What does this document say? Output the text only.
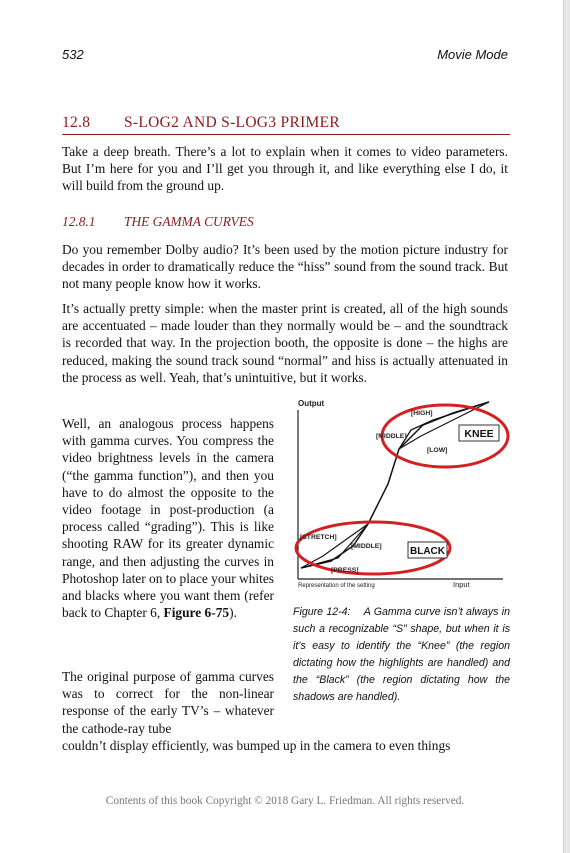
532	Movie Mode
12.8 S-LOG2 AND S-LOG3 PRIMER

Take a deep breath. There’s a lot to explain when it comes to video parameters. But I’m here for you and I’ll get you through it, and like everything else I do, it will build from the ground up.

12.8.1 THE GAMMA CURVES

Do you remember Dolby audio? It’s been used by the motion picture industry for decades in order to dramatically reduce the “hiss” sound from the sound track. But not many people know how it works.

It’s actually pretty simple: when the master print is created, all of the high sounds are accentuated – made louder than they normally would be – and the soundtrack is recorded that way. In the projection booth, the opposite is done – the highs are reduced, making the sound track sound “normal” and hiss is actually attenuated in the process as well. Yeah, that’s unintuitive, but it works.

Well, an analogous process happens with gamma curves. You compress the video brightness levels in the camera (“the gamma function”), and then you have to do almost the opposite to the video footage in post-production (a process called “grading”). This is like shooting RAW for its greater dynamic range, and then adjusting the curves in Photoshop later on to place your whites and blacks where you want them (refer back to Chapter 6, Figure 6-75).

The original purpose of gamma curves was to correct for the non-linear response of the early TV’s – whatever the cathode-ray tube

couldn’t display efficiently, was bumped up in the camera to even things

Output
Input
Representation of the setting
[HIGH]
[MIDDLE]
[LOW]
KNEE
[STRETCH]
[MIDDLE]
[PRESS]
BLACK

Figure 12-4: A Gamma curve isn’t always in such a recognizable “S” shape, but when it is it’s easy to identify the “Knee” (the region dictating how the highlights are handled) and the “Black” (the region dictating how the shadows are handled).

Contents of this book Copyright © 2018 Gary L. Friedman. All rights reserved.
